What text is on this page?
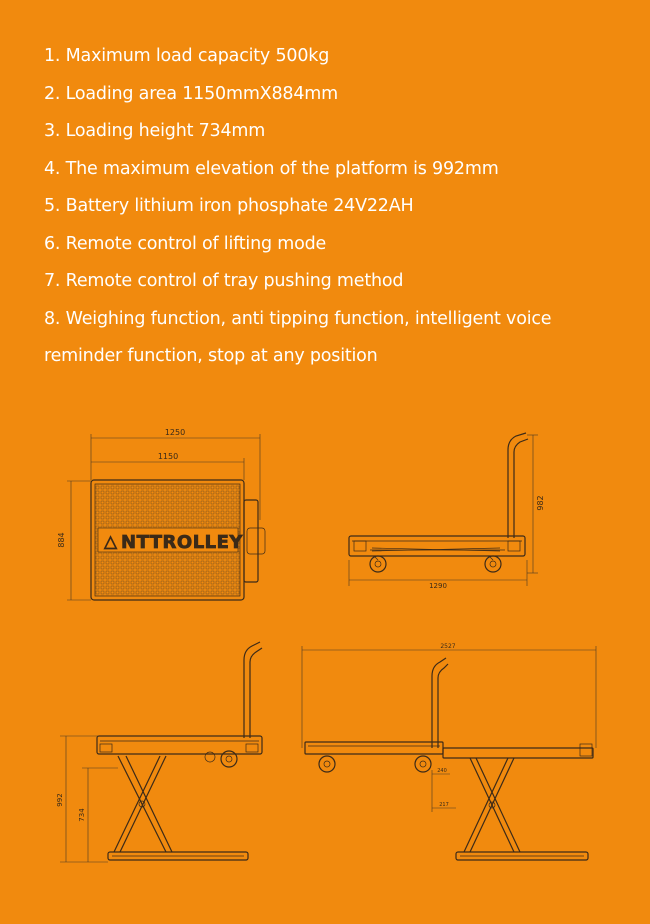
1. Maximum load capacity 500kg
2. Loading area 1150mmX884mm
3. Loading height 734mm
4. The maximum elevation of the platform is 992mm
5. Battery lithium iron phosphate 24V22AH
6. Remote control of lifting mode
7. Remote control of tray pushing method
8. Weighing function, anti tipping function, intelligent voice
reminder function, stop at any position
1250
1150
884 △ NTTROLLEY
982
1290
992
734
2527
240
217
